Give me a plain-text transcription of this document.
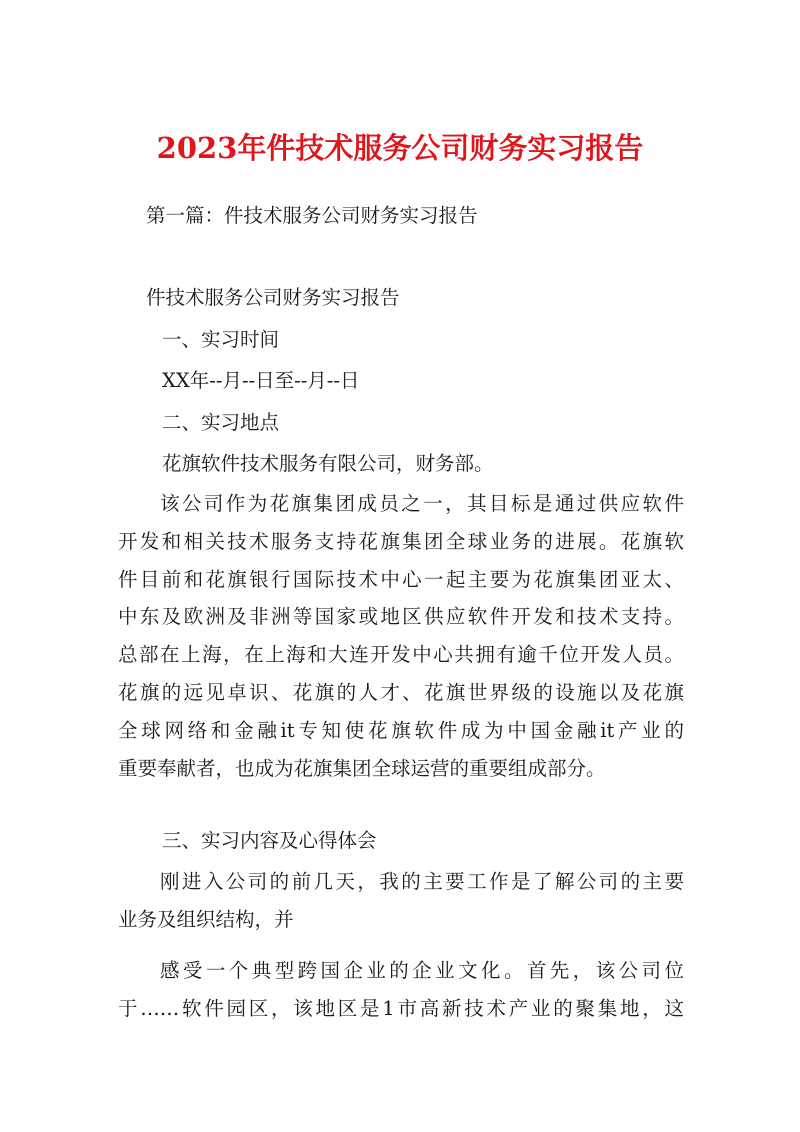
2023年件技术服务公司财务实习报告
第一篇：件技术服务公司财务实习报告
件技术服务公司财务实习报告
一、实习时间
XX年--月--日至--月--日
二、实习地点
花旗软件技术服务有限公司，财务部。
该公司作为花旗集团成员之一，其目标是通过供应软件
开发和相关技术服务支持花旗集团全球业务的进展。花旗软
件目前和花旗银行国际技术中心一起主要为花旗集团亚太、
中东及欧洲及非洲等国家或地区供应软件开发和技术支持。
总部在上海，在上海和大连开发中心共拥有逾千位开发人员。
花旗的远见卓识、花旗的人才、花旗世界级的设施以及花旗
全球网络和金融it专知使花旗软件成为中国金融it产业的
重要奉献者，也成为花旗集团全球运营的重要组成部分。
三、实习内容及心得体会
刚进入公司的前几天，我的主要工作是了解公司的主要
业务及组织结构，并
感受一个典型跨国企业的企业文化。首先，该公司位
于……软件园区，该地区是1市高新技术产业的聚集地，这
